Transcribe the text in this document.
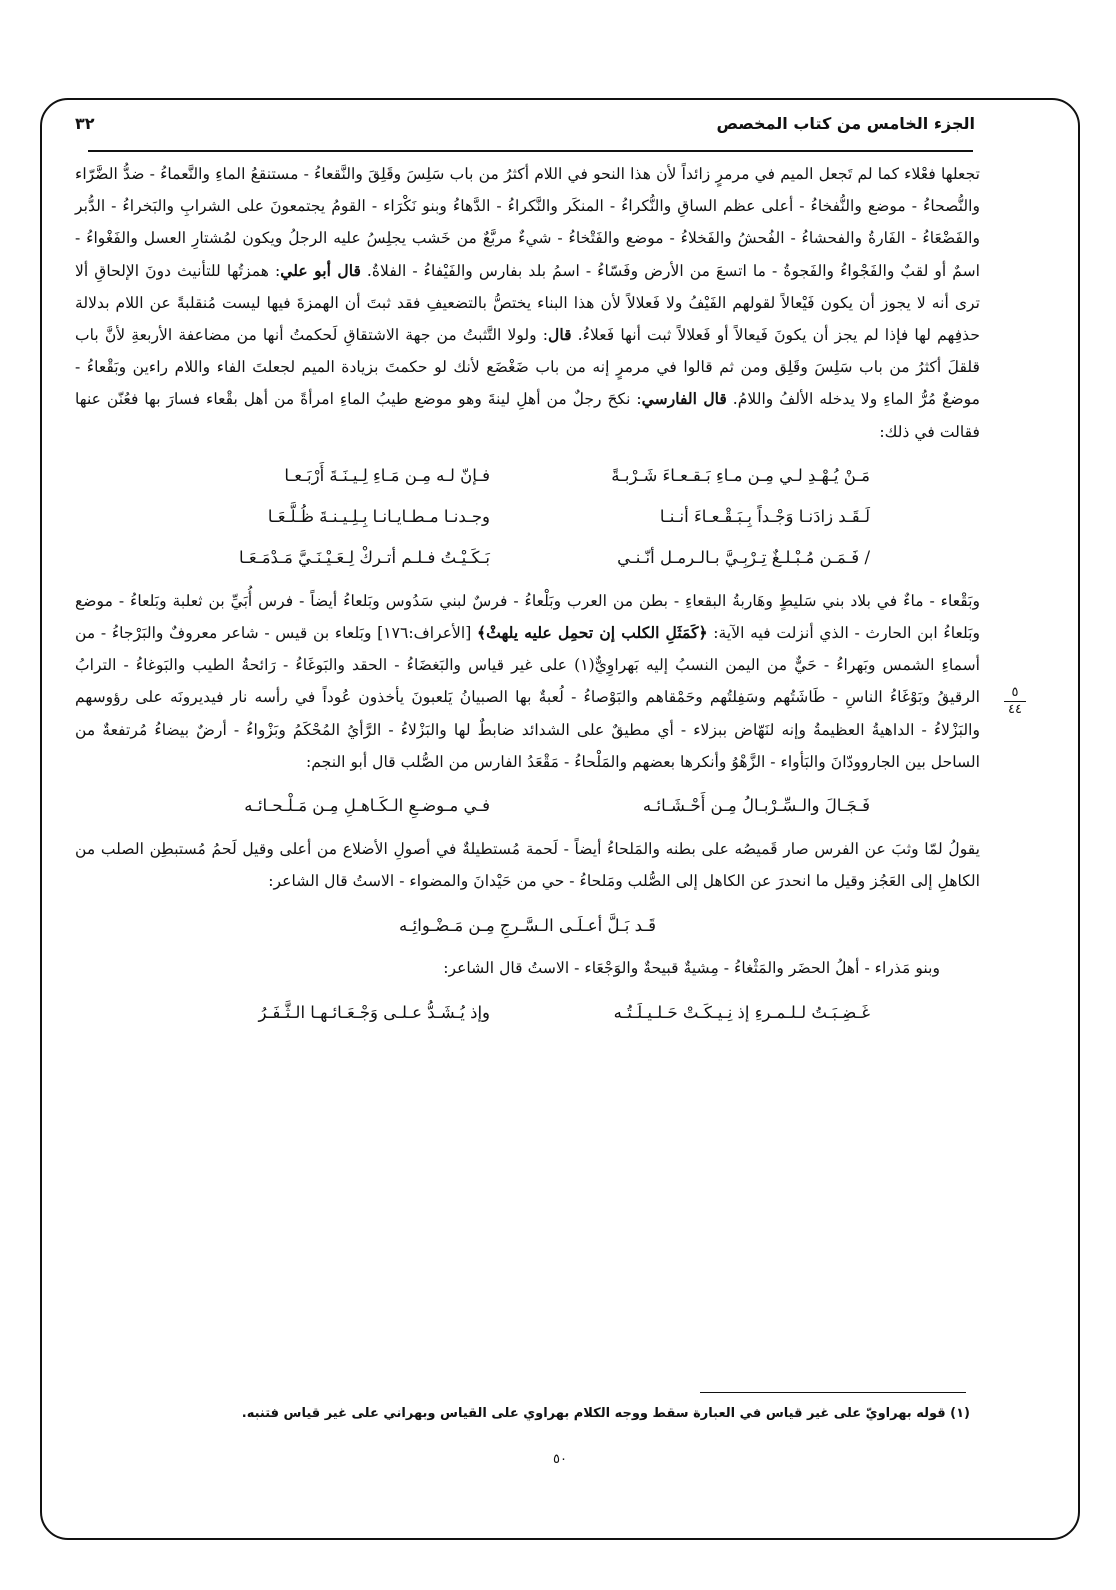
الجزء الخامس من كتاب المخصص
٣٢

تجعلها فعْلاء كما لم تَجعل الميم في مرمرٍ زائداً لأن هذا النحو في اللام أكثرُ من باب سَلِسَ وقَلِقَ والنَّقعاءُ - مستنقعُ الماءِ والنَّعماءُ - ضدُّ الضَّرّاء والنُّصحاءُ - موضع والنُّفخاءُ - أعلى عظم الساقِ والنُّكراءُ - المنكَر والنَّكراءُ - الدَّهاءُ وبنو نَكْرَاء - القومُ يجتمعونَ على الشرابِ والبَخراءُ - الدُّبر والفَضْعَاءُ - الفَارةُ والفحشاءُ - الفُحشُ والفَخلاءُ - موضع والفَتْخاءُ - شيءٌ مربَّعٌ من خَشب يجلِسُ عليه الرجلُ ويكون لمُشتارِ العسل والفَغْواءُ - اسمٌ أو لقبٌ والفَجْواءُ والفَجوةُ - ما اتسعَ من الأرض وفَسّاءُ - اسمُ بلد بفارس والفَيْفاءُ - الفلاةُ. قال أبو علي: همزتُها للتأنيث دونَ الإلحاقِ ألا ترى أنه لا يجوز أن يكون فَيْعالاً لقولهم الفَيْفُ ولا فَعلالاً لأن هذا البناء يختصُّ بالتضعيفِ فقد ثبتَ أن الهمزةَ فيها ليست مُنقلبةً عن اللام بدلالة حذفِهم لها فإذا لم يجز أن يكونَ فَيعالاً أو فَعلالاً ثبت أنها فَعلاءُ. قال: ولولا التَّثبتُ من جهة الاشتقاقِ لَحكمتُ أنها من مضاعفة الأربعةِ لأنَّ باب قلقلَ أكثرُ من باب سَلِسَ وقَلِق ومن ثم قالوا في مرمرٍ إنه من باب ضَغْضَع لأنك لو حكمتَ بزيادة الميم لجعلتَ الفاء واللام راءين وبَقْعاءُ - موضعٌ مُرُّ الماءِ ولا يدخله الألفُ واللامُ. قال الفارسي: نكحَ رجلٌ من أهلِ لينةَ وهو موضع طيبُ الماءِ امرأةً من أهل بقْعاء فسارَ بها فعُنّن عنها فقالت في ذلك:

مَـنْ يُـهْـدِ لـي مِـن مـاءِ بَـقـعـاءَ شَـرْبـةً
فـإنّ لـه مِـن مَـاءِ لِـيـنَـةَ أَرْبَـعـا
لَـقَـد زادَنـا وَجْـداً بِـبَـقْـعـاءَ أنـنـا
وجـدنـا مـطـايـانـا بِـلِـيـنـةَ ظُـلَّـعَـا
/ فَـمَـن مُـبْـلـغٌ تِـرْبِـيَّ بـالـرمـل أنّـنـي
بَـكَـيْـتُ فـلـم أتـركْ لِـعَـيْـنَـيَّ مَـدْمَـعَـا

وبَقْعاء - ماءٌ في بلاد بني سَليطٍ وهَاربةُ البقعاءِ - بطن من العرب وبَلْعاءُ - فرسٌ لبني سَدُوس وبَلعاءُ أيضاً - فرس أُبَيِّ بن ثعلبة وبَلعاءُ - موضع وبَلعاءُ ابن الحارث - الذي أنزلت فيه الآية: ﴿كَمَثَلِ الكلب إن تحمِل عليه يلهثْ﴾ [الأعراف:١٧٦] وبَلعاء بن قيس - شاعر معروفٌ والبَرْجاءُ - من أسماءِ الشمس وبَهراءُ - حَيٌّ من اليمن النسبُ إليه بَهراوِيٌّ(١) على غير قياس والبَغضَاءُ - الحقد والبَوغَاءُ - رَائحةُ الطيب والبَوغاءُ - الترابُ الرقيقُ وبَوْغَاءُ الناسِ - طَاشَتُهم وسَفِلتُهم وحَمْقاهم والبَوْصاءُ - لُعبةٌ بها الصبيانُ يَلعبونَ يأخذون عُوداً في رأسه نار فيديرونَه على رؤوسهم والبَزْلاءُ - الداهيةُ العظيمةُ وإنه لنَهّاض ببزلاء - أي مطيقٌ على الشدائد ضابطٌ لها والبَزْلاءُ - الرَّأيُ المُحْكَمُ وبَزْواءُ - أرضٌ بيضاءُ مُرتفعةٌ من الساحل بين الجاروودّانَ والبَأواء - الزَّهْوُ وأنكرها بعضهم والمَلْحاءُ - مَقْعَدُ الفارس من الصُّلب قال أبو النجم:

فَـجَـالَ والـسِّـرْبـالُ مِـن أَحْـشَـائـه
فـي مـوضـعِ الـكَـاهـلِ مِـن مَـلْـحـائـه

يقولُ لمّا وثبَ عن الفرس صار قَميصُه على بطنه والمَلحاءُ أيضاً - لَحمة مُستطيلةٌ في أصولِ الأضلاع من أعلى وقيل لَحمُ مُستبطِن الصلب من الكاهلِ إلى العَجُز وقيل ما انحدرَ عن الكاهل إلى الصُّلب ومَلحاءُ - حي من حَيْدانَ والمضواء - الاستُ قال الشاعر:

قَـد بَـلَّ أعـلَـى الـسَّـرجِ مِـن مَـضْـوائِـه

وبنو مَذراء - أهلُ الحضَر والمَثْغاءُ - مِشيةٌ قبيحةٌ والوَجْعَاء - الاستُ قال الشاعر:

غَـضِـبَـتُ لـلـمـرءِ إذ نِـيـكَـتْ حَـلـيـلَـتُـه
وإذ يُـشَـدُّ عـلـى وَجْـعَـائـهـا الـثَّـفَـرُ
٥
٤٤
(١) قوله بهراويّ على غير قياس في العبارة سقط ووجه الكلام بهراوي على القياس وبهراني على غير قياس فتنبه.
٥٠
